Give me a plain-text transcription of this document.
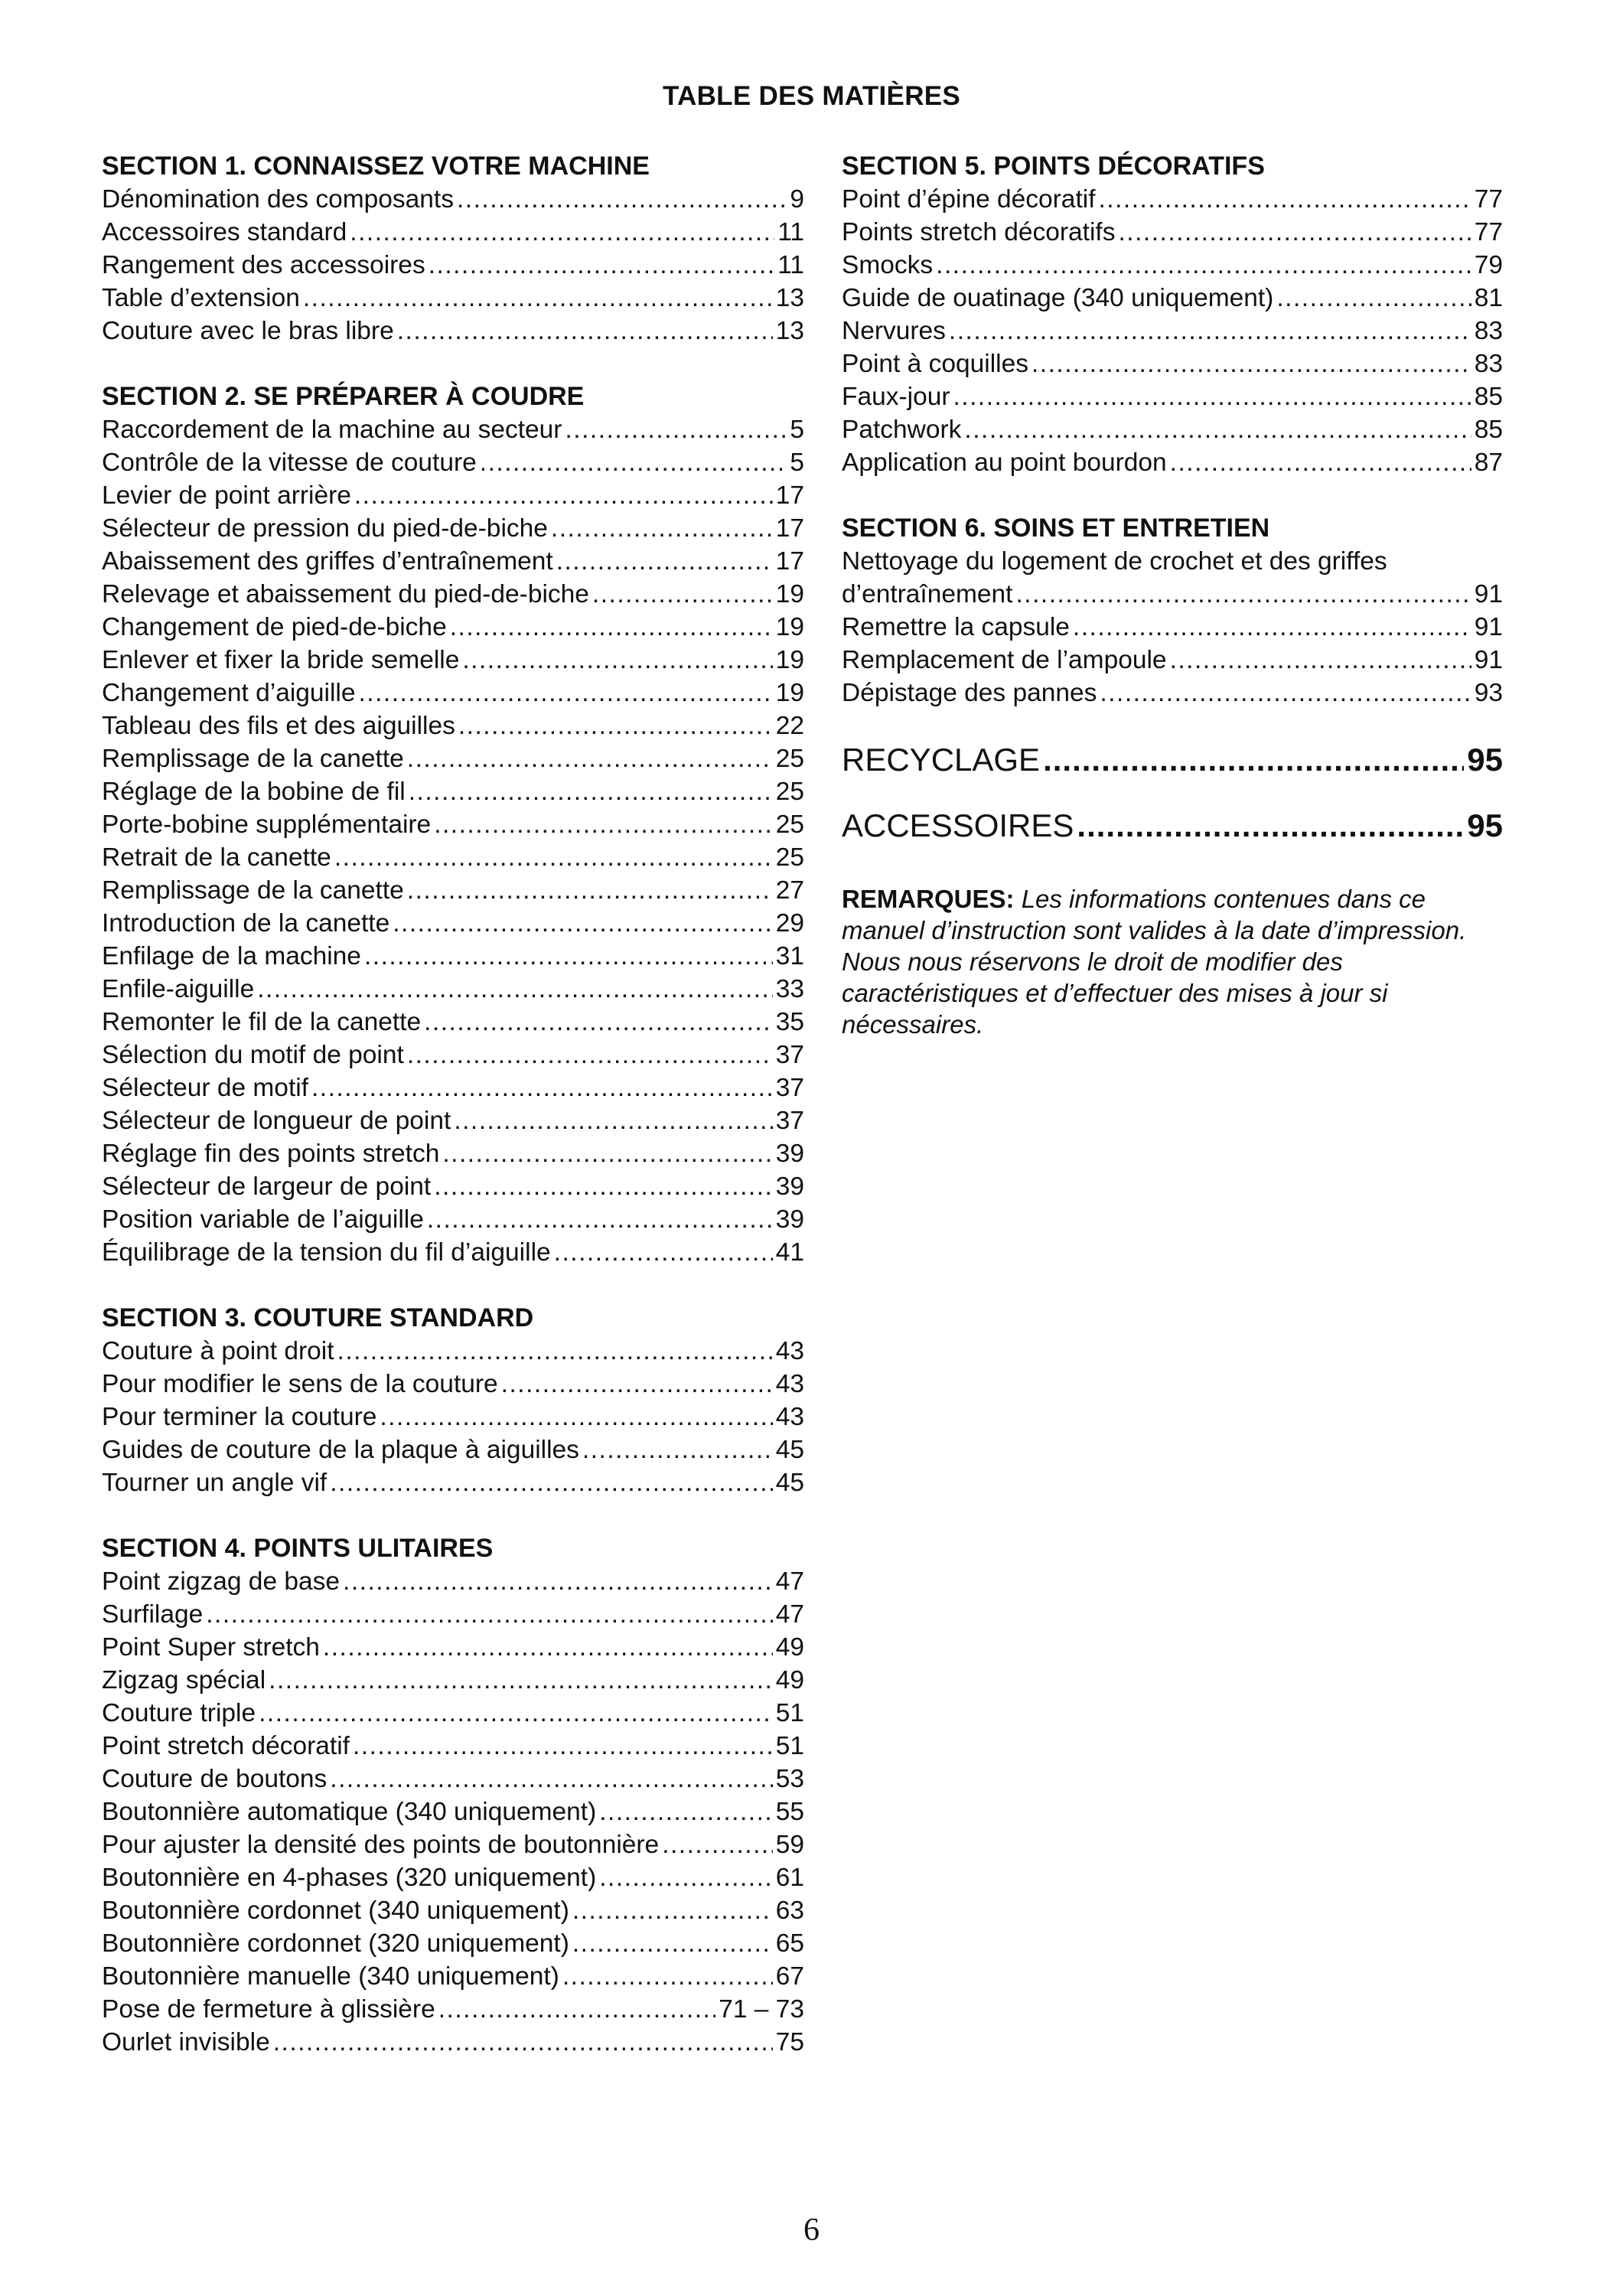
TABLE DES MATIÈRES
SECTION 1. CONNAISSEZ VOTRE MACHINE
Dénomination des composants .....	9
Accessoires standard .....	11
Rangement des accessoires .....	11
Table d’extension .....	13
Couture avec le bras libre .....	13
SECTION 2. SE PRÉPARER À COUDRE
Raccordement de la machine au secteur .....	5
Contrôle de la vitesse de couture .....	5
Levier de point arrière .....	17
Sélecteur de pression du pied-de-biche .....	17
Abaissement des griffes d’entraînement .....	17
Relevage et abaissement du pied-de-biche .....	19
Changement de pied-de-biche .....	19
Enlever et fixer la bride semelle .....	19
Changement d’aiguille .....	19
Tableau des fils et des aiguilles .....	22
Remplissage de la canette .....	25
Réglage de la bobine de fil .....	25
Porte-bobine supplémentaire .....	25
Retrait de la canette .....	25
Remplissage de la canette .....	27
Introduction de la canette .....	29
Enfilage de la machine .....	31
Enfile-aiguille .....	33
Remonter le fil de la canette .....	35
Sélection du motif de point .....	37
Sélecteur de motif .....	37
Sélecteur de longueur de point .....	37
Réglage fin des points stretch .....	39
Sélecteur de largeur de point .....	39
Position variable de l’aiguille .....	39
Équilibrage de la tension du fil d’aiguille .....	41
SECTION 3. COUTURE STANDARD
Couture à point droit .....	43
Pour modifier le sens de la couture .....	43
Pour terminer la couture .....	43
Guides de couture de la plaque à aiguilles .....	45
Tourner un angle vif .....	45
SECTION 4. POINTS ULITAIRES
Point zigzag de base .....	47
Surfilage .....	47
Point Super stretch .....	49
Zigzag spécial .....	49
Couture triple .....	51
Point stretch décoratif .....	51
Couture de boutons .....	53
Boutonnière automatique (340 uniquement) .....	55
Pour ajuster la densité des points de boutonnière .....	59
Boutonnière en 4-phases (320 uniquement) .....	61
Boutonnière cordonnet (340 uniquement) .....	63
Boutonnière cordonnet (320 uniquement) .....	65
Boutonnière manuelle (340 uniquement) .....	67
Pose de fermeture à glissière .....	71 – 73
Ourlet invisible .....	75
SECTION 5. POINTS DÉCORATIFS
Point d’épine décoratif .....	77
Points stretch décoratifs .....	77
Smocks .....	79
Guide de ouatinage (340 uniquement) .....	81
Nervures .....	83
Point à coquilles .....	83
Faux-jour .....	85
Patchwork .....	85
Application au point bourdon .....	87
SECTION 6. SOINS ET ENTRETIEN
Nettoyage du logement de crochet et des griffes
d’entraînement .....	91
Remettre la capsule .....	91
Remplacement de l’ampoule .....	91
Dépistage des pannes .....	93
RECYCLAGE .....	95
ACCESSOIRES .....	95
REMARQUES: Les informations contenues dans ce manuel d’instruction sont valides à la date d’impression. Nous nous réservons le droit de modifier des caractéristiques et d’effectuer des mises à jour si nécessaires.
6
